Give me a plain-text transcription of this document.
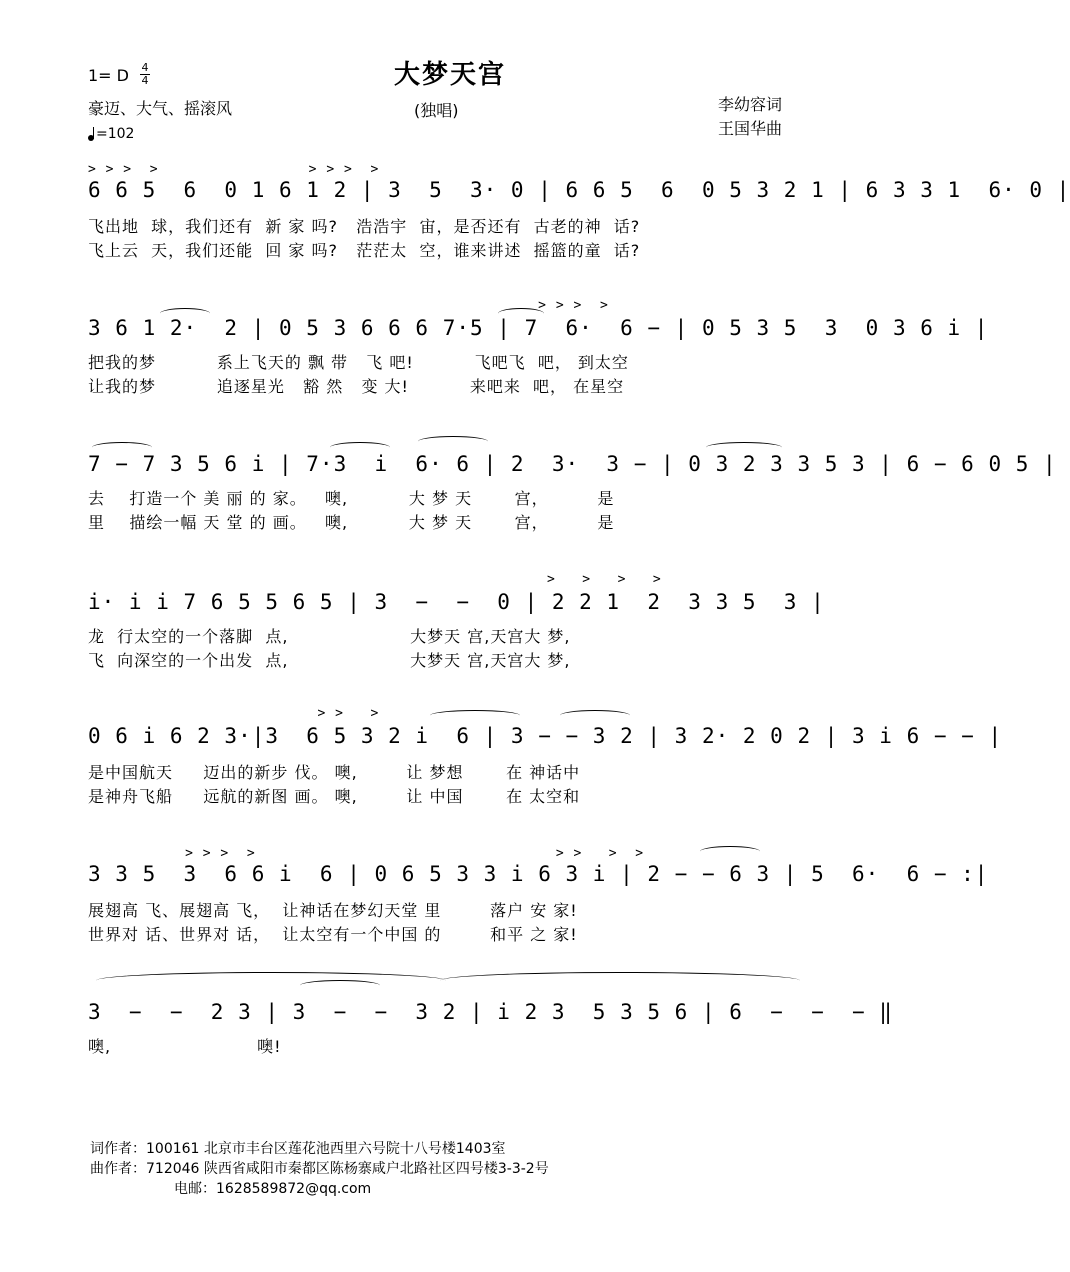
大梦天宫
1= D 4
4
豪迈、大气、摇滚风	(独唱)	李幼容词
王国华曲
=102
> > >  >                 > > >  >
6 6 5  6  0 1 6 1 2 | 3  5  3· 0 | 6 6 5  6  0 5 3 2 1 | 6 3 3 1  6· 0 |
飞出地  球，我们还有  新 家 吗?   浩浩宇  宙，是否还有  古老的神  话?
飞上云  天，我们还能  回 家 吗?   茫茫太  空，谁来讲述  摇篮的童  话?
> > >  >
3 6 1 2·  2 | 0 5 3 6 6 6 7·5 | 7  6·  6 − | 0 5 3 5  3  0 3 6 i |
把我的梦          系上飞天的 飘 带   飞 吧!          飞吧飞  吧， 到太空
让我的梦          追逐星光   豁 然   变 大!          来吧来  吧， 在星空
7 − 7 3 5 6 i | 7·3  i  6· 6 | 2  3·  3 − | 0 3 2 3 3 5 3 | 6 − 6 0 5 |
去    打造一个 美 丽 的 家。   噢,          大 梦 天       宫，        是
里    描绘一幅 天 堂 的 画。   噢,          大 梦 天       宫，        是
>   >   >   >
i· i i 7 6 5 5 6 5 | 3  −  −  0 | 2 2 1  2  3 3 5  3 |
龙  行太空的一个落脚  点,                    大梦天 宫,天宫大 梦,
飞  向深空的一个出发  点,                    大梦天 宫,天宫大 梦,
> >   >
0 6 i 6 2 3·|3  6 5 3 2 i  6 | 3 − − 3 2 | 3 2· 2 0 2 | 3 i 6 − − |
是中国航天     迈出的新步 伐。 噢,        让 梦想       在 神话中
是神舟飞船     远航的新图 画。 噢,        让 中国       在 太空和
> > >  >                                  > >   >  >
3 3 5  3  6 6 i  6 | 0 6 5 3 3 i 6 3 i | 2 − − 6 3 | 5  6·  6 − :|
展翅高 飞、展翅高 飞，  让神话在梦幻天堂 里        落户 安 家!
世界对 话、世界对 话，  让太空有一个中国 的        和平 之 家!
3  −  −  2 3 | 3  −  −  3 2 | i 2 3  5 3 5 6 | 6  −  −  − ‖
噢,                        噢!
词作者：100161 北京市丰台区莲花池西里六号院十八号楼1403室
曲作者：712046 陕西省咸阳市秦都区陈杨寨咸户北路社区四号楼3-3-2号
电邮：1628589872@qq.com
